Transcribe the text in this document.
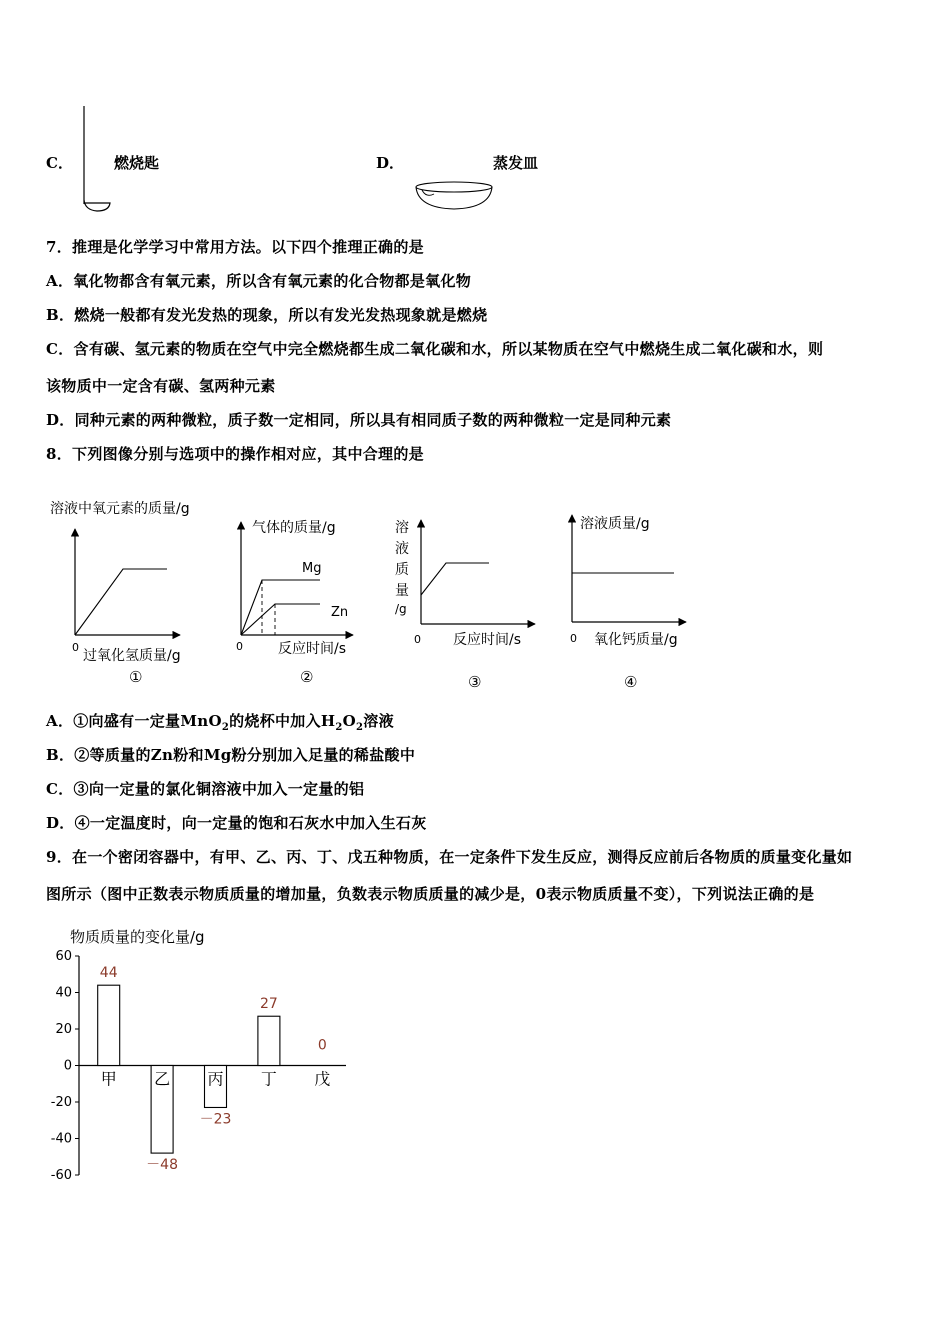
C．	燃烧匙	D．	蒸发皿
7．推理是化学学习中常用方法。以下四个推理正确的是
A．氧化物都含有氧元素，所以含有氧元素的化合物都是氧化物
B．燃烧一般都有发光发热的现象，所以有发光发热现象就是燃烧
C．含有碳、氢元素的物质在空气中完全燃烧都生成二氧化碳和水，所以某物质在空气中燃烧生成二氧化碳和水，则
该物质中一定含有碳、氢两种元素
D．同种元素的两种微粒，质子数一定相同，所以具有相同质子数的两种微粒一定是同种元素
8．下列图像分别与选项中的操作相对应，其中合理的是
溶液中氧元素的质量/g
0
过氧化氢质量/g
①
气体的质量/g
Mg
Zn
0	反应时间/s
②
溶
液
质
量
/g
0 反应时间/s
③
溶液质量/g
0 氧化钙质量/g
④
A．①向盛有一定量MnO$_2$的烧杯中加入$H_2O_2$溶液
B．②等质量的Zn粉和Mg粉分别加入足量的稀盐酸中
C．③向一定量的氯化铜溶液中加入一定量的铝
D．④一定温度时，向一定量的饱和石灰水中加入生石灰
9．在一个密闭容器中，有甲、乙、丙、丁、戊五种物质，在一定条件下发生反应，测得反应前后各物质的质量变化量如
图所示（图中正数表示物质质量的增加量，负数表示物质质量的减少是，0表示物质质量不变），下列说法正确的是
物质质量的变化量/g
60
40
20
0
-20
-40
-60
甲
44
乙
－48
丙
－23
丁
27
戊
0
